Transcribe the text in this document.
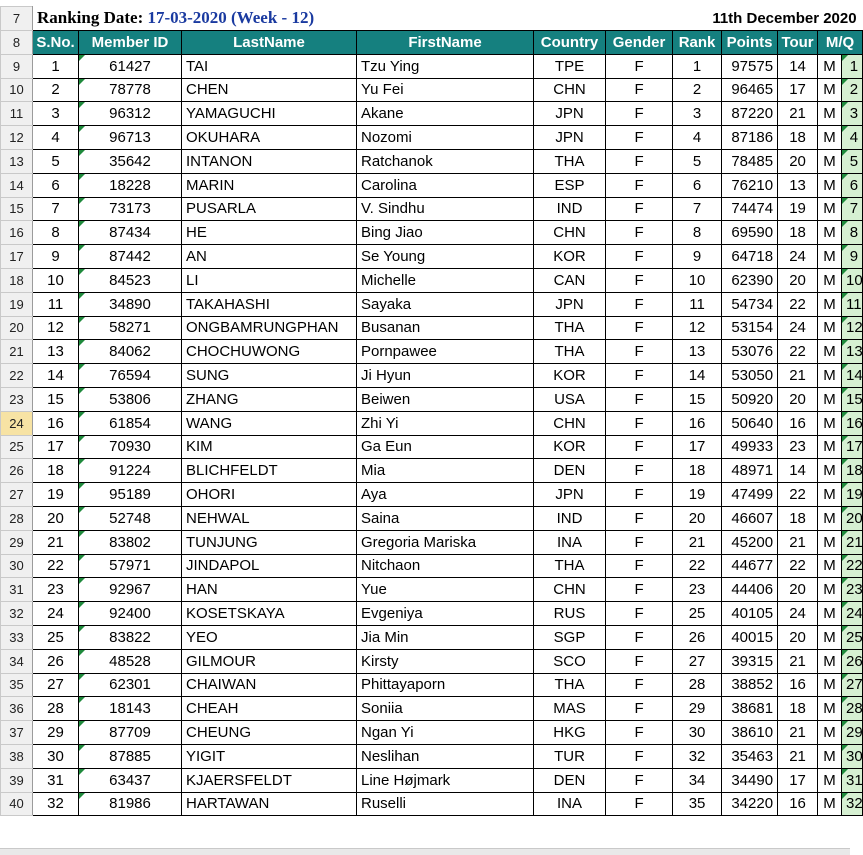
7	Ranking Date: 17-03-2020 (Week - 12)						11th December 2020				
8	S.No.	Member ID	LastName	FirstName	Country	Gender	Rank	Points	Tour	M/Q	
9	1	61427	TAI	Tzu Ying	TPE	F	1	97575	14	M	1
10	2	78778	CHEN	Yu Fei	CHN	F	2	96465	17	M	2
11	3	96312	YAMAGUCHI	Akane	JPN	F	3	87220	21	M	3
12	4	96713	OKUHARA	Nozomi	JPN	F	4	87186	18	M	4
13	5	35642	INTANON	Ratchanok	THA	F	5	78485	20	M	5
14	6	18228	MARIN	Carolina	ESP	F	6	76210	13	M	6
15	7	73173	PUSARLA	V. Sindhu	IND	F	7	74474	19	M	7
16	8	87434	HE	Bing Jiao	CHN	F	8	69590	18	M	8
17	9	87442	AN	Se Young	KOR	F	9	64718	24	M	9
18	10	84523	LI	Michelle	CAN	F	10	62390	20	M	10
19	11	34890	TAKAHASHI	Sayaka	JPN	F	11	54734	22	M	11
20	12	58271	ONGBAMRUNGPHAN	Busanan	THA	F	12	53154	24	M	12
21	13	84062	CHOCHUWONG	Pornpawee	THA	F	13	53076	22	M	13
22	14	76594	SUNG	Ji Hyun	KOR	F	14	53050	21	M	14
23	15	53806	ZHANG	Beiwen	USA	F	15	50920	20	M	15
24	16	61854	WANG	Zhi Yi	CHN	F	16	50640	16	M	16
25	17	70930	KIM	Ga Eun	KOR	F	17	49933	23	M	17
26	18	91224	BLICHFELDT	Mia	DEN	F	18	48971	14	M	18
27	19	95189	OHORI	Aya	JPN	F	19	47499	22	M	19
28	20	52748	NEHWAL	Saina	IND	F	20	46607	18	M	20
29	21	83802	TUNJUNG	Gregoria Mariska	INA	F	21	45200	21	M	21
30	22	57971	JINDAPOL	Nitchaon	THA	F	22	44677	22	M	22
31	23	92967	HAN	Yue	CHN	F	23	44406	20	M	23
32	24	92400	KOSETSKAYA	Evgeniya	RUS	F	25	40105	24	M	24
33	25	83822	YEO	Jia Min	SGP	F	26	40015	20	M	25
34	26	48528	GILMOUR	Kirsty	SCO	F	27	39315	21	M	26
35	27	62301	CHAIWAN	Phittayaporn	THA	F	28	38852	16	M	27
36	28	18143	CHEAH	Soniia	MAS	F	29	38681	18	M	28
37	29	87709	CHEUNG	Ngan Yi	HKG	F	30	38610	21	M	29
38	30	87885	YIGIT	Neslihan	TUR	F	32	35463	21	M	30
39	31	63437	KJAERSFELDT	Line Højmark	DEN	F	34	34490	17	M	31
40	32	81986	HARTAWAN	Ruselli	INA	F	35	34220	16	M	32
